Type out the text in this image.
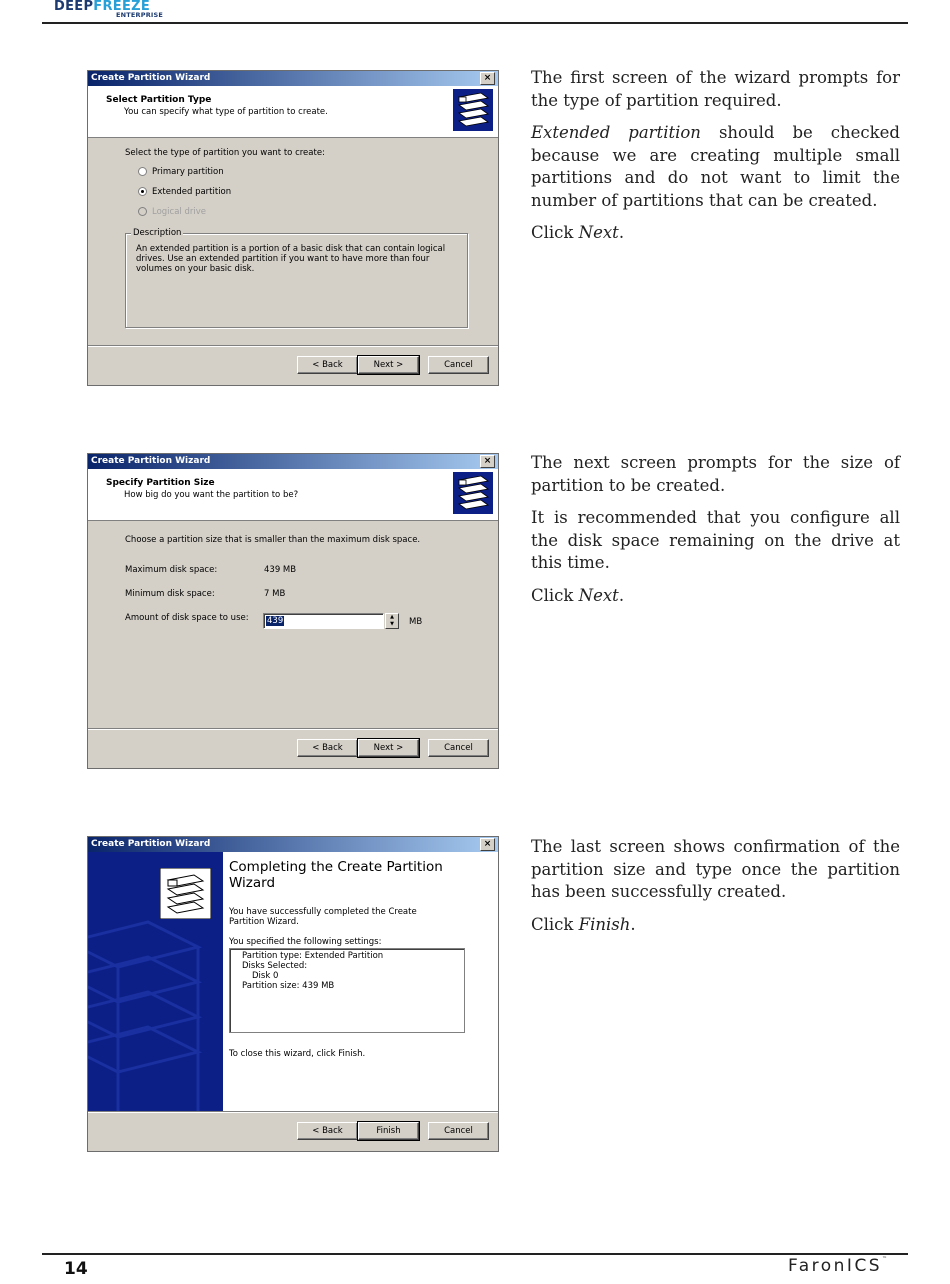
DEEPFREEZE
ENTERPRISE
Create Partition Wizard	×
Select Partition Type
You can specify what type of partition to create.
Select the type of partition you want to create:
Primary partition
Extended partition
Logical drive
Description
An extended partition is a portion of a basic disk that can contain logical drives. Use an extended partition if you want to have more than four volumes on your basic disk.
< Back	Next >	Cancel

The first screen of the wizard prompts for the type of partition required.

Extended partition should be checked because we are creating multiple small partitions and do not want to limit the number of partitions that can be created.

Click Next.

Create Partition Wizard	×
Specify Partition Size
How big do you want the partition to be?
Choose a partition size that is smaller than the maximum disk space.
Maximum disk space:	439 MB
Minimum disk space:	7 MB
Amount of disk space to use: 439	▲
▼	MB
< Back	Next >	Cancel

The next screen prompts for the size of partition to be created.

It is recommended that you configure all the disk space remaining on the drive at this time.

Click Next.

Create Partition Wizard	×
Completing the Create Partition Wizard
You have successfully completed the Create Partition Wizard.
You specified the following settings:
Partition type: Extended Partition
Disks Selected:
Disk 0
Partition size: 439 MB
To close this wizard, click Finish.
< Back	Finish	Cancel

The last screen shows confirmation of the partition size and type once the partition has been successfully created.

Click Finish.

14	FaronICS™
